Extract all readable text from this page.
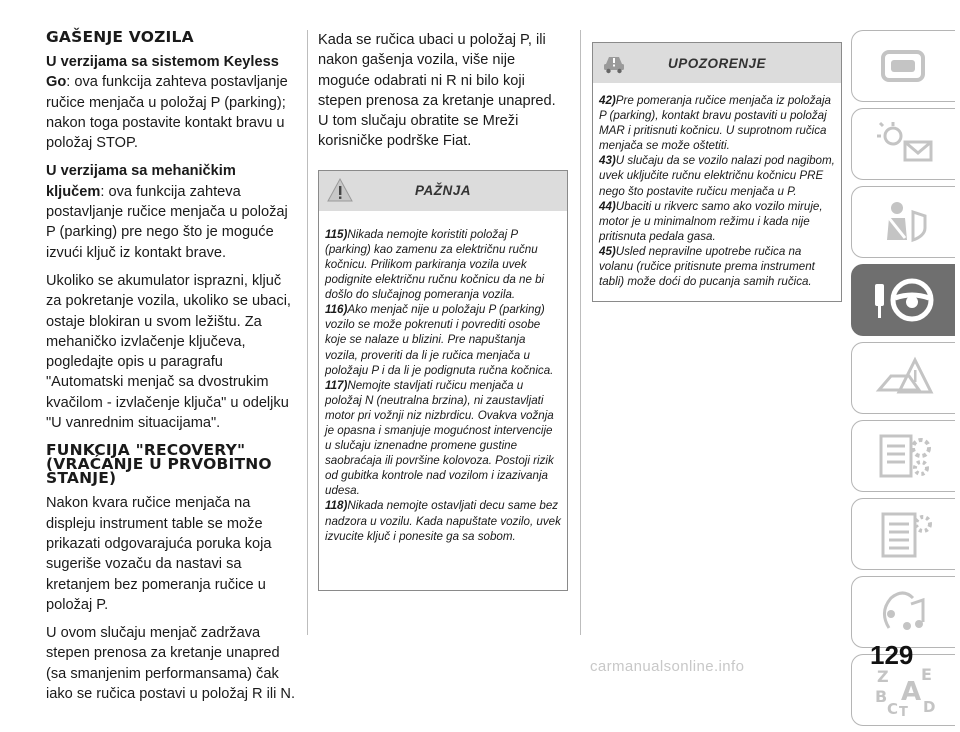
GAŠENJE VOZILA

U verzijama sa sistemom Keyless Go: ova funkcija zahteva postavljanje ručice menjača u položaj P (parking); nakon toga postavite kontakt bravu u položaj STOP.

U verzijama sa mehaničkim ključem: ova funkcija zahteva postavljanje ručice menjača u položaj P (parking) pre nego što je moguće izvući ključ iz kontakt brave.

Ukoliko se akumulator isprazni, ključ za pokretanje vozila, ukoliko se ubaci, ostaje blokiran u svom ležištu. Za mehaničko izvlačenje ključeva, pogledajte opis u paragrafu "Automatski menjač sa dvostrukim kvačilom - izvlačenje ključa" u odeljku "U vanrednim situacijama".

FUNKCIJA "RECOVERY" (VRAĆANJE U PRVOBITNO STANJE)

Nakon kvara ručice menjača na displeju instrument table se može prikazati odgovarajuća poruka koja sugeriše vozaču da nastavi sa kretanjem bez pomeranja ručice u položaj P.

U ovom slučaju menjač zadržava stepen prenosa za kretanje unapred (sa smanjenim performansama) čak iako se ručica postavi u položaj R ili N.

Kada se ručica ubaci u položaj P, ili nakon gašenja vozila, više nije moguće odabrati ni R ni bilo koji stepen prenosa za kretanje unapred. U tom slučaju obratite se Mreži korisničke podrške Fiat.

PAŽNJA

115)Nikada nemojte koristiti položaj P (parking) kao zamenu za električnu ručnu kočnicu. Prilikom parkiranja vozila uvek podignite električnu ručnu kočnicu da ne bi došlo do slučajnog pomeranja vozila.

116)Ako menjač nije u položaju P (parking) vozilo se može pokrenuti i povrediti osobe koje se nalaze u blizini. Pre napuštanja vozila, proveriti da li je ručica menjača u položaju P i da li je podignuta ručna kočnica.

117)Nemojte stavljati ručicu menjača u položaj N (neutralna brzina), ni zaustavljati motor pri vožnji niz nizbrdicu. Ovakva vožnja je opasna i smanjuje mogućnost intervencije u slučaju iznenadne promene gustine saobraćaja ili površine kolovoza. Postoji rizik od gubitka kontrole nad vozilom i izazivanja udesa.

118)Nikada nemojte ostavljati decu same bez nadzora u vozilu. Kada napuštate vozilo, uvek izvucite ključ i ponesite ga sa sobom.

UPOZORENJE

42)Pre pomeranja ručice menjača iz položaja P (parking), kontakt bravu postaviti u položaj MAR i pritisnuti kočnicu. U suprotnom ručica menjača se može oštetiti.

43)U slučaju da se vozilo nalazi pod nagibom, uvek uključite ručnu električnu kočnicu PRE nego što postavite ručicu menjača u P.

44)Ubaciti u rikverc samo ako vozilo miruje, motor je u minimalnom režimu i kada nije pritisnuta pedala gasa.

45)Usled nepravilne upotrebe ručica na volanu (ručice pritisnute prema instrument tabli) može doći do pucanja samih ručica.

Z E
B A
C T D
129
carmanualsonline.info
